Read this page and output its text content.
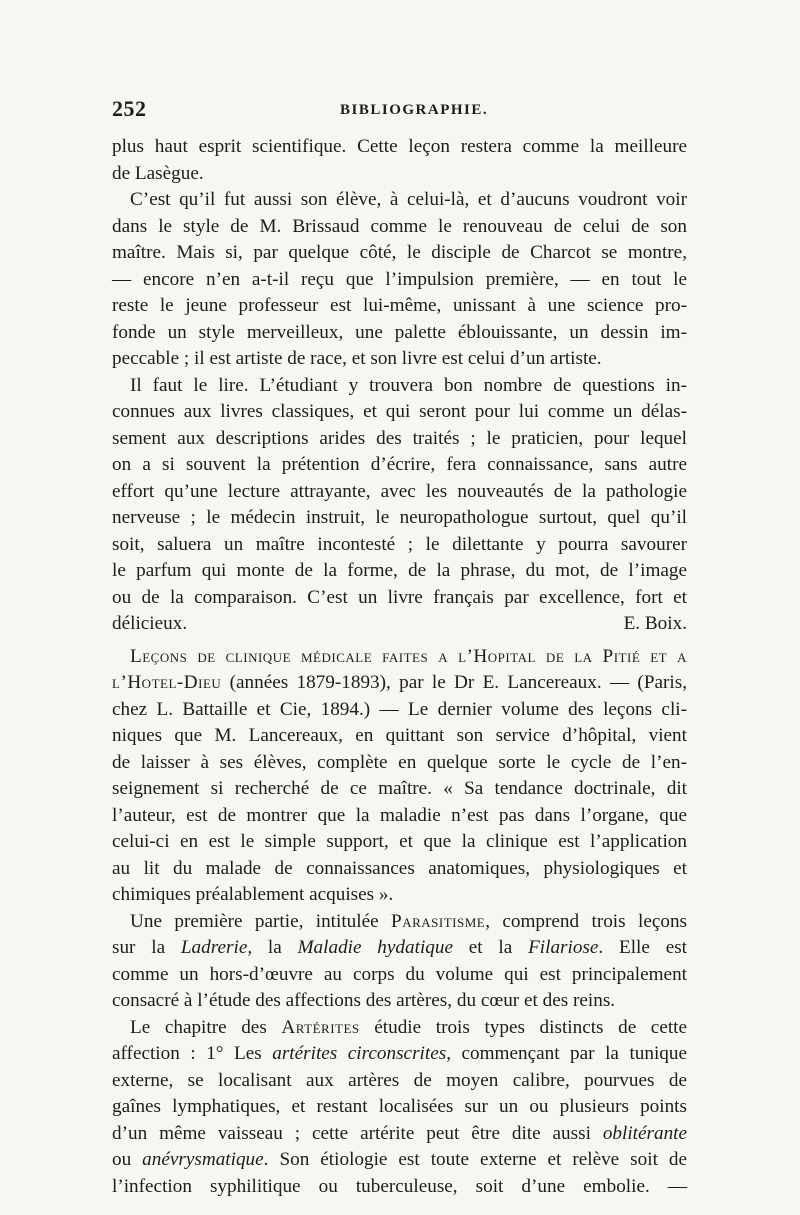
252	BIBLIOGRAPHIE.
plus haut esprit scientifique. Cette leçon restera comme la meilleure
de Lasègue.
C’est qu’il fut aussi son élève, à celui-là, et d’aucuns voudront voir
dans le style de M. Brissaud comme le renouveau de celui de son
maître. Mais si, par quelque côté, le disciple de Charcot se montre,
— encore n’en a-t-il reçu que l’impulsion première, — en tout le
reste le jeune professeur est lui-même, unissant à une science pro-
fonde un style merveilleux, une palette éblouissante, un dessin im-
peccable ; il est artiste de race, et son livre est celui d’un artiste.
Il faut le lire. L’étudiant y trouvera bon nombre de questions in-
connues aux livres classiques, et qui seront pour lui comme un délas-
sement aux descriptions arides des traités ; le praticien, pour lequel
on a si souvent la prétention d’écrire, fera connaissance, sans autre
effort qu’une lecture attrayante, avec les nouveautés de la pathologie
nerveuse ; le médecin instruit, le neuropathologue surtout, quel qu’il
soit, saluera un maître incontesté ; le dilettante y pourra savourer
le parfum qui monte de la forme, de la phrase, du mot, de l’image
ou de la comparaison. C’est un livre français par excellence, fort et
délicieux.	E. Boix.
Leçons de clinique médicale faites a l’Hopital de la Pitié et a
l’Hotel-Dieu (années 1879-1893), par le Dr E. Lancereaux. — (Paris,
chez L. Battaille et Cie, 1894.) — Le dernier volume des leçons cli-
niques que M. Lancereaux, en quittant son service d’hôpital, vient
de laisser à ses élèves, complète en quelque sorte le cycle de l’en-
seignement si recherché de ce maître. « Sa tendance doctrinale, dit
l’auteur, est de montrer que la maladie n’est pas dans l’organe, que
celui-ci en est le simple support, et que la clinique est l’application
au lit du malade de connaissances anatomiques, physiologiques et
chimiques préalablement acquises ».
Une première partie, intitulée Parasitisme, comprend trois leçons
sur la Ladrerie, la Maladie hydatique et la Filariose. Elle est
comme un hors-d’œuvre au corps du volume qui est principalement
consacré à l’étude des affections des artères, du cœur et des reins.
Le chapitre des Artérites étudie trois types distincts de cette
affection : 1° Les artérites circonscrites, commençant par la tunique
externe, se localisant aux artères de moyen calibre, pourvues de
gaînes lymphatiques, et restant localisées sur un ou plusieurs points
d’un même vaisseau ; cette artérite peut être dite aussi oblitérante
ou anévrysmatique. Son étiologie est toute externe et relève soit de
l’infection syphilitique ou tuberculeuse, soit d’une embolie. —
